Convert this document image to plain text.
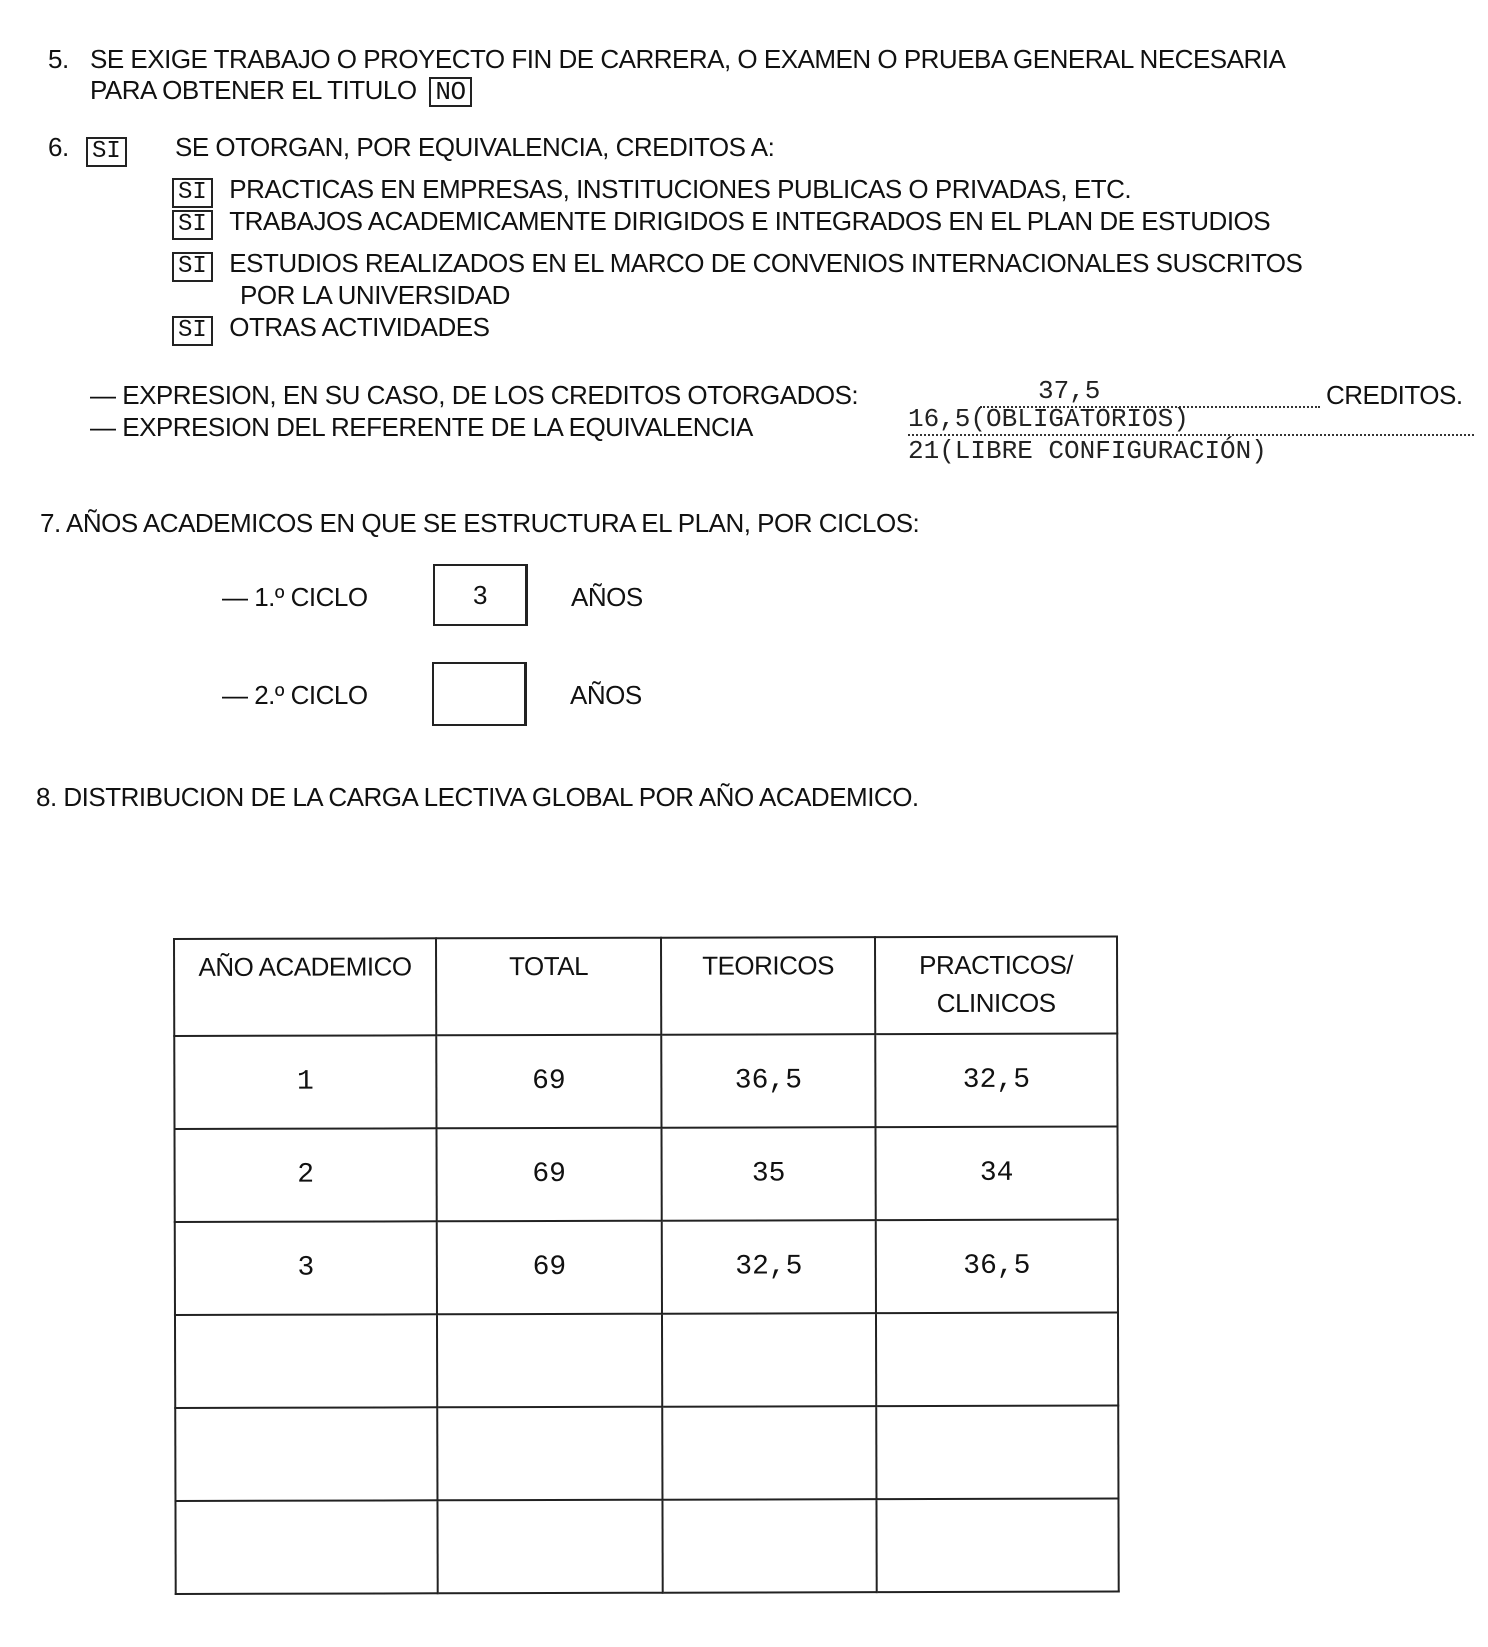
5. SE EXIGE TRABAJO O PROYECTO FIN DE CARRERA, O EXAMEN O PRUEBA GENERAL NECESARIA
PARA OBTENER EL TITULO NO
6. SI SE OTORGAN, POR EQUIVALENCIA, CREDITOS A:
SI PRACTICAS EN EMPRESAS, INSTITUCIONES PUBLICAS O PRIVADAS, ETC.
SI TRABAJOS ACADEMICAMENTE DIRIGIDOS E INTEGRADOS EN EL PLAN DE ESTUDIOS
SI ESTUDIOS REALIZADOS EN EL MARCO DE CONVENIOS INTERNACIONALES SUSCRITOS
POR LA UNIVERSIDAD
SI OTRAS ACTIVIDADES
— EXPRESION, EN SU CASO, DE LOS CREDITOS OTORGADOS:	37,5	CREDITOS.
— EXPRESION DEL REFERENTE DE LA EQUIVALENCIA	16,5(OBLIGATORIOS)
21(LIBRE CONFIGURACIÓN)
7. AÑOS ACADEMICOS EN QUE SE ESTRUCTURA EL PLAN, POR CICLOS:
— 1.º CICLO	3	AÑOS
— 2.º CICLO	AÑOS
8. DISTRIBUCION DE LA CARGA LECTIVA GLOBAL POR AÑO ACADEMICO.
AÑO ACADEMICO	TOTAL	TEORICOS	PRACTICOS/ CLINICOS
1	69	36,5	32,5
2	69	35	34
3	69	32,5	36,5
